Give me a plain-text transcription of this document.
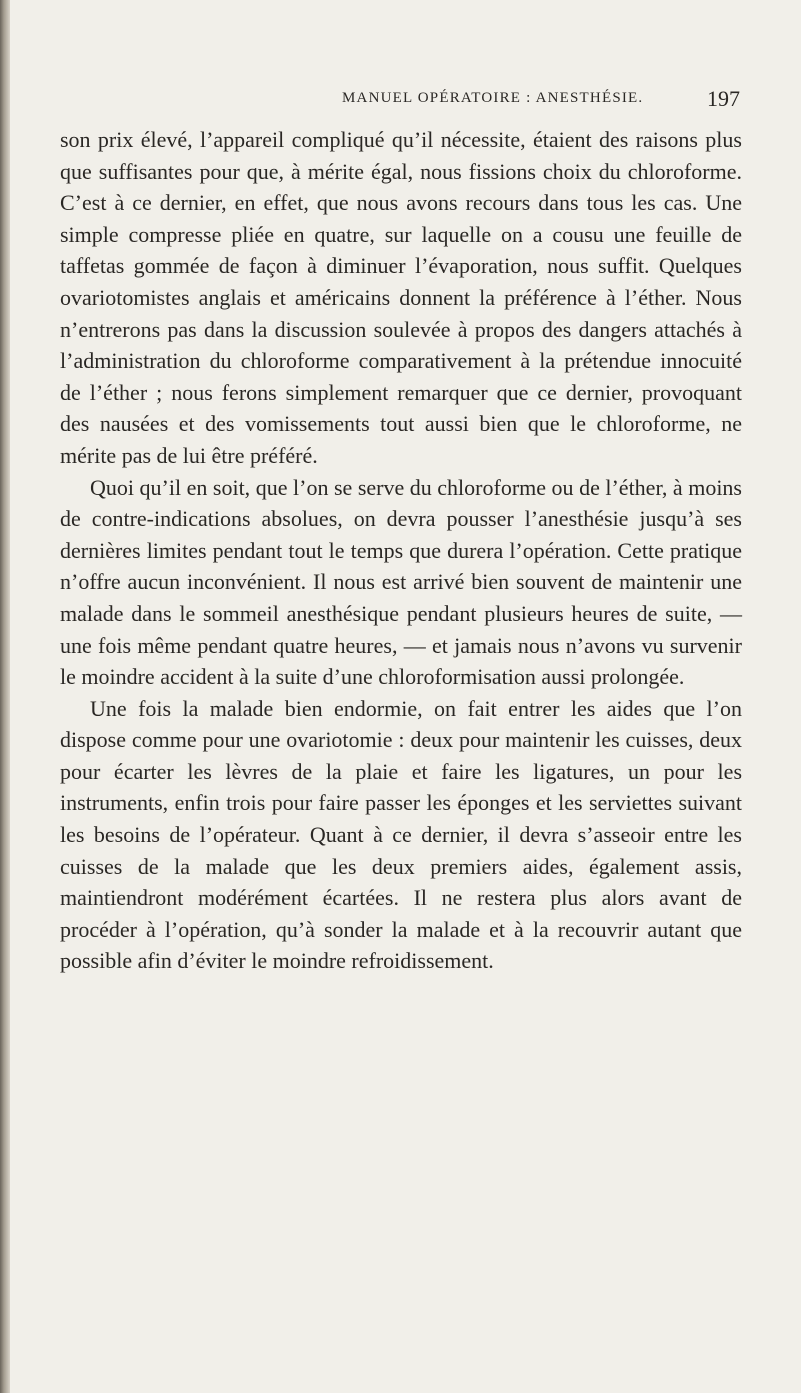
MANUEL OPÉRATOIRE : ANESTHÉSIE.	197

son prix élevé, l’appareil compliqué qu’il nécessite, étaient des raisons plus que suffisantes pour que, à mérite égal, nous fissions choix du chloroforme. C’est à ce dernier, en effet, que nous avons recours dans tous les cas. Une simple compresse pliée en quatre, sur laquelle on a cousu une feuille de taffetas gommée de façon à diminuer l’évaporation, nous suffit. Quelques ovariotomistes anglais et américains donnent la préférence à l’éther. Nous n’entrerons pas dans la discussion soulevée à propos des dangers attachés à l’administration du chloroforme comparativement à la prétendue innocuité de l’éther ; nous ferons simplement remarquer que ce dernier, provoquant des nausées et des vomissements tout aussi bien que le chloroforme, ne mérite pas de lui être préféré.

Quoi qu’il en soit, que l’on se serve du chloroforme ou de l’éther, à moins de contre-indications absolues, on devra pousser l’anesthésie jusqu’à ses dernières limites pendant tout le temps que durera l’opération. Cette pratique n’offre aucun inconvénient. Il nous est arrivé bien souvent de maintenir une malade dans le sommeil anesthésique pendant plusieurs heures de suite, — une fois même pendant quatre heures, — et jamais nous n’avons vu survenir le moindre accident à la suite d’une chloroformisation aussi prolongée.

Une fois la malade bien endormie, on fait entrer les aides que l’on dispose comme pour une ovariotomie : deux pour maintenir les cuisses, deux pour écarter les lèvres de la plaie et faire les ligatures, un pour les instruments, enfin trois pour faire passer les éponges et les serviettes suivant les besoins de l’opérateur. Quant à ce dernier, il devra s’asseoir entre les cuisses de la malade que les deux premiers aides, également assis, maintiendront modérément écartées. Il ne restera plus alors avant de procéder à l’opération, qu’à sonder la malade et à la recouvrir autant que possible afin d’éviter le moindre refroidissement.
